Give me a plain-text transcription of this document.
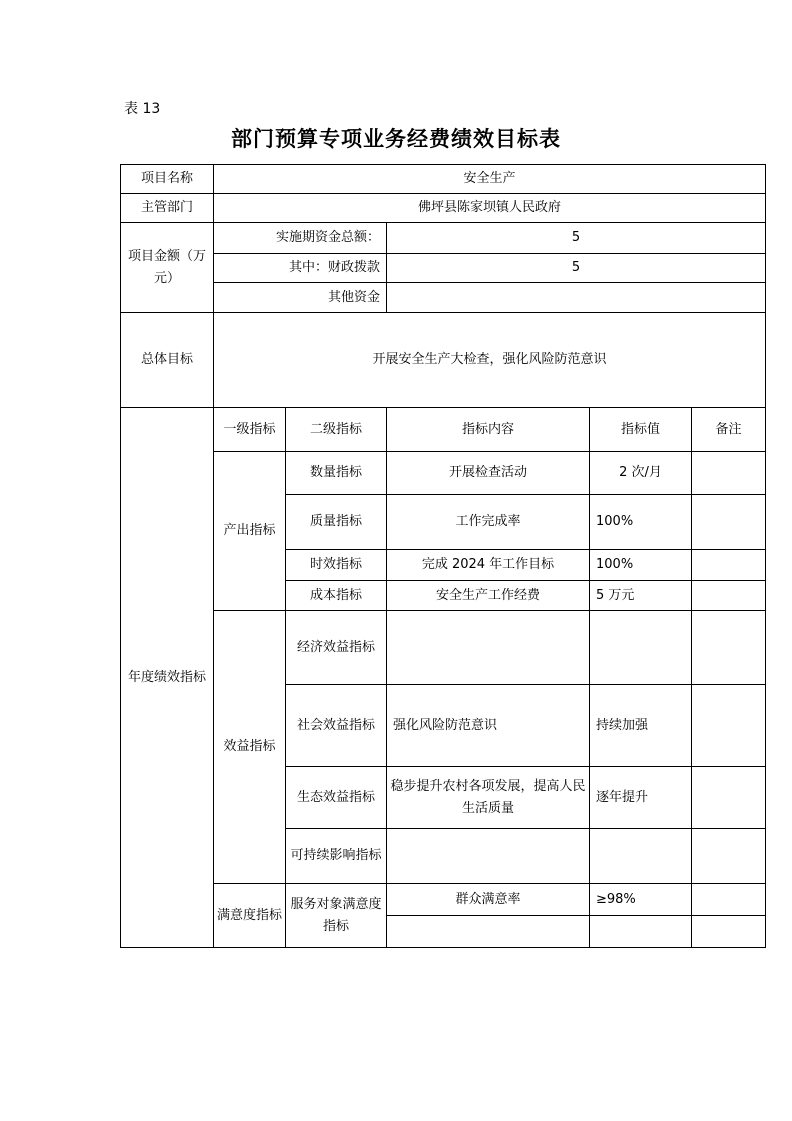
表 13
部门预算专项业务经费绩效目标表
项目名称	安全生产				
主管部门	佛坪县陈家坝镇人民政府				
项目金额（万元）	实施期资金总额：		5		
	其中：财政拨款		5		
	其他资金				
总体目标	开展安全生产大检查，强化风险防范意识				
年度绩效指标	一级指标	二级指标	指标内容	指标值	备注
	产出指标	数量指标	开展检查活动	2 次/月	
		质量指标	工作完成率	100%	
		时效指标	完成 2024 年工作目标	100%	
		成本指标	安全生产工作经费	5 万元	
	效益指标	经济效益指标			
		社会效益指标	强化风险防范意识	持续加强	
		生态效益指标	稳步提升农村各项发展，提高人民生活质量	逐年提升	
		可持续影响指标			
	满意度指标	服务对象满意度指标	群众满意率	≥98%	
